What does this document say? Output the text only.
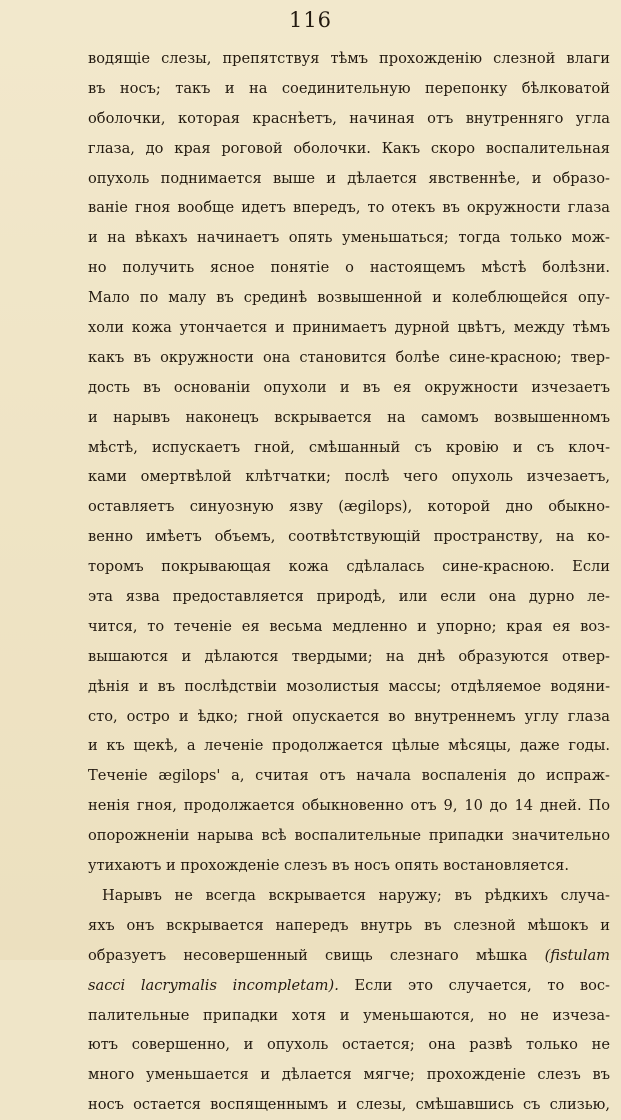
116
водящiе слезы, препятствуя тѣмъ прохожденiю слезной влаги
въ носъ; такъ и на соединительную перепонку бѣлковатой
оболочки, которая краснѣетъ, начиная отъ внутренняго угла
глаза, до края роговой оболочки. Какъ скоро воспалительная
опухоль поднимается выше и дѣлается явственнѣе, и образо-
ванiе гноя вообще идетъ впередъ, то отекъ въ окружности глаза
и на вѣкахъ начинаетъ опять уменьшаться; тогда только мож-
но получить ясное понятiе о настоящемъ мѣстѣ болѣзни.
Мало по малу въ срединѣ возвышенной и колеблющейся опу-
холи кожа утончается и принимаетъ дурной цвѣтъ, между тѣмъ
какъ въ окружности она становится болѣе сине-красною; твер-
дость въ основанiи опухоли и въ ея окружности изчезаетъ
и нарывъ наконецъ вскрывается на самомъ возвышенномъ
мѣстѣ, испускаетъ гной, смѣшанный съ кровiю и съ клоч-
ками омертвѣлой клѣтчатки; послѣ чего опухоль изчезаетъ,
оставляетъ синуозную язву (ægilops), которой дно обыкно-
венно имѣетъ объемъ, соотвѣтствующiй пространству, на ко-
торомъ покрывающая кожа сдѣлалась сине-красною. Если
эта язва предоставляется природѣ, или если она дурно ле-
чится, то теченiе ея весьма медленно и упорно; края ея воз-
вышаются и дѣлаются твердыми; на днѣ образуются отвер-
дѣнiя и въ послѣдствiи мозолистыя массы; отдѣляемое водяни-
сто, остро и ѣдко; гной опускается во внутреннемъ углу глаза
и къ щекѣ, а леченiе продолжается цѣлые мѣсяцы, даже годы.
Теченiе ægilops' а, считая отъ начала воспаленiя до испраж-
ненiя гноя, продолжается обыкновенно отъ 9, 10 до 14 дней. По
опорожненiи нарыва всѣ воспалительные припадки значительно
утихаютъ и прохожденiе слезъ въ носъ опять востановляется.
Нарывъ не всегда вскрывается наружу; въ рѣдкихъ случа-
яхъ онъ вскрывается напередъ внутрь въ слезной мѣшокъ и
образуетъ несовершенный свищь слезнаго мѣшка (fistulam
sacci lacrymalis incompletam). Если это случается, то вос-
палительные припадки хотя и уменьшаются, но не изчеза-
ютъ совершенно, и опухоль остается; она развѣ только не
много уменьшается и дѣлается мягче; прохожденiе слезъ въ
носъ остается воспященнымъ и слезы, смѣшавшись съ слизью,
